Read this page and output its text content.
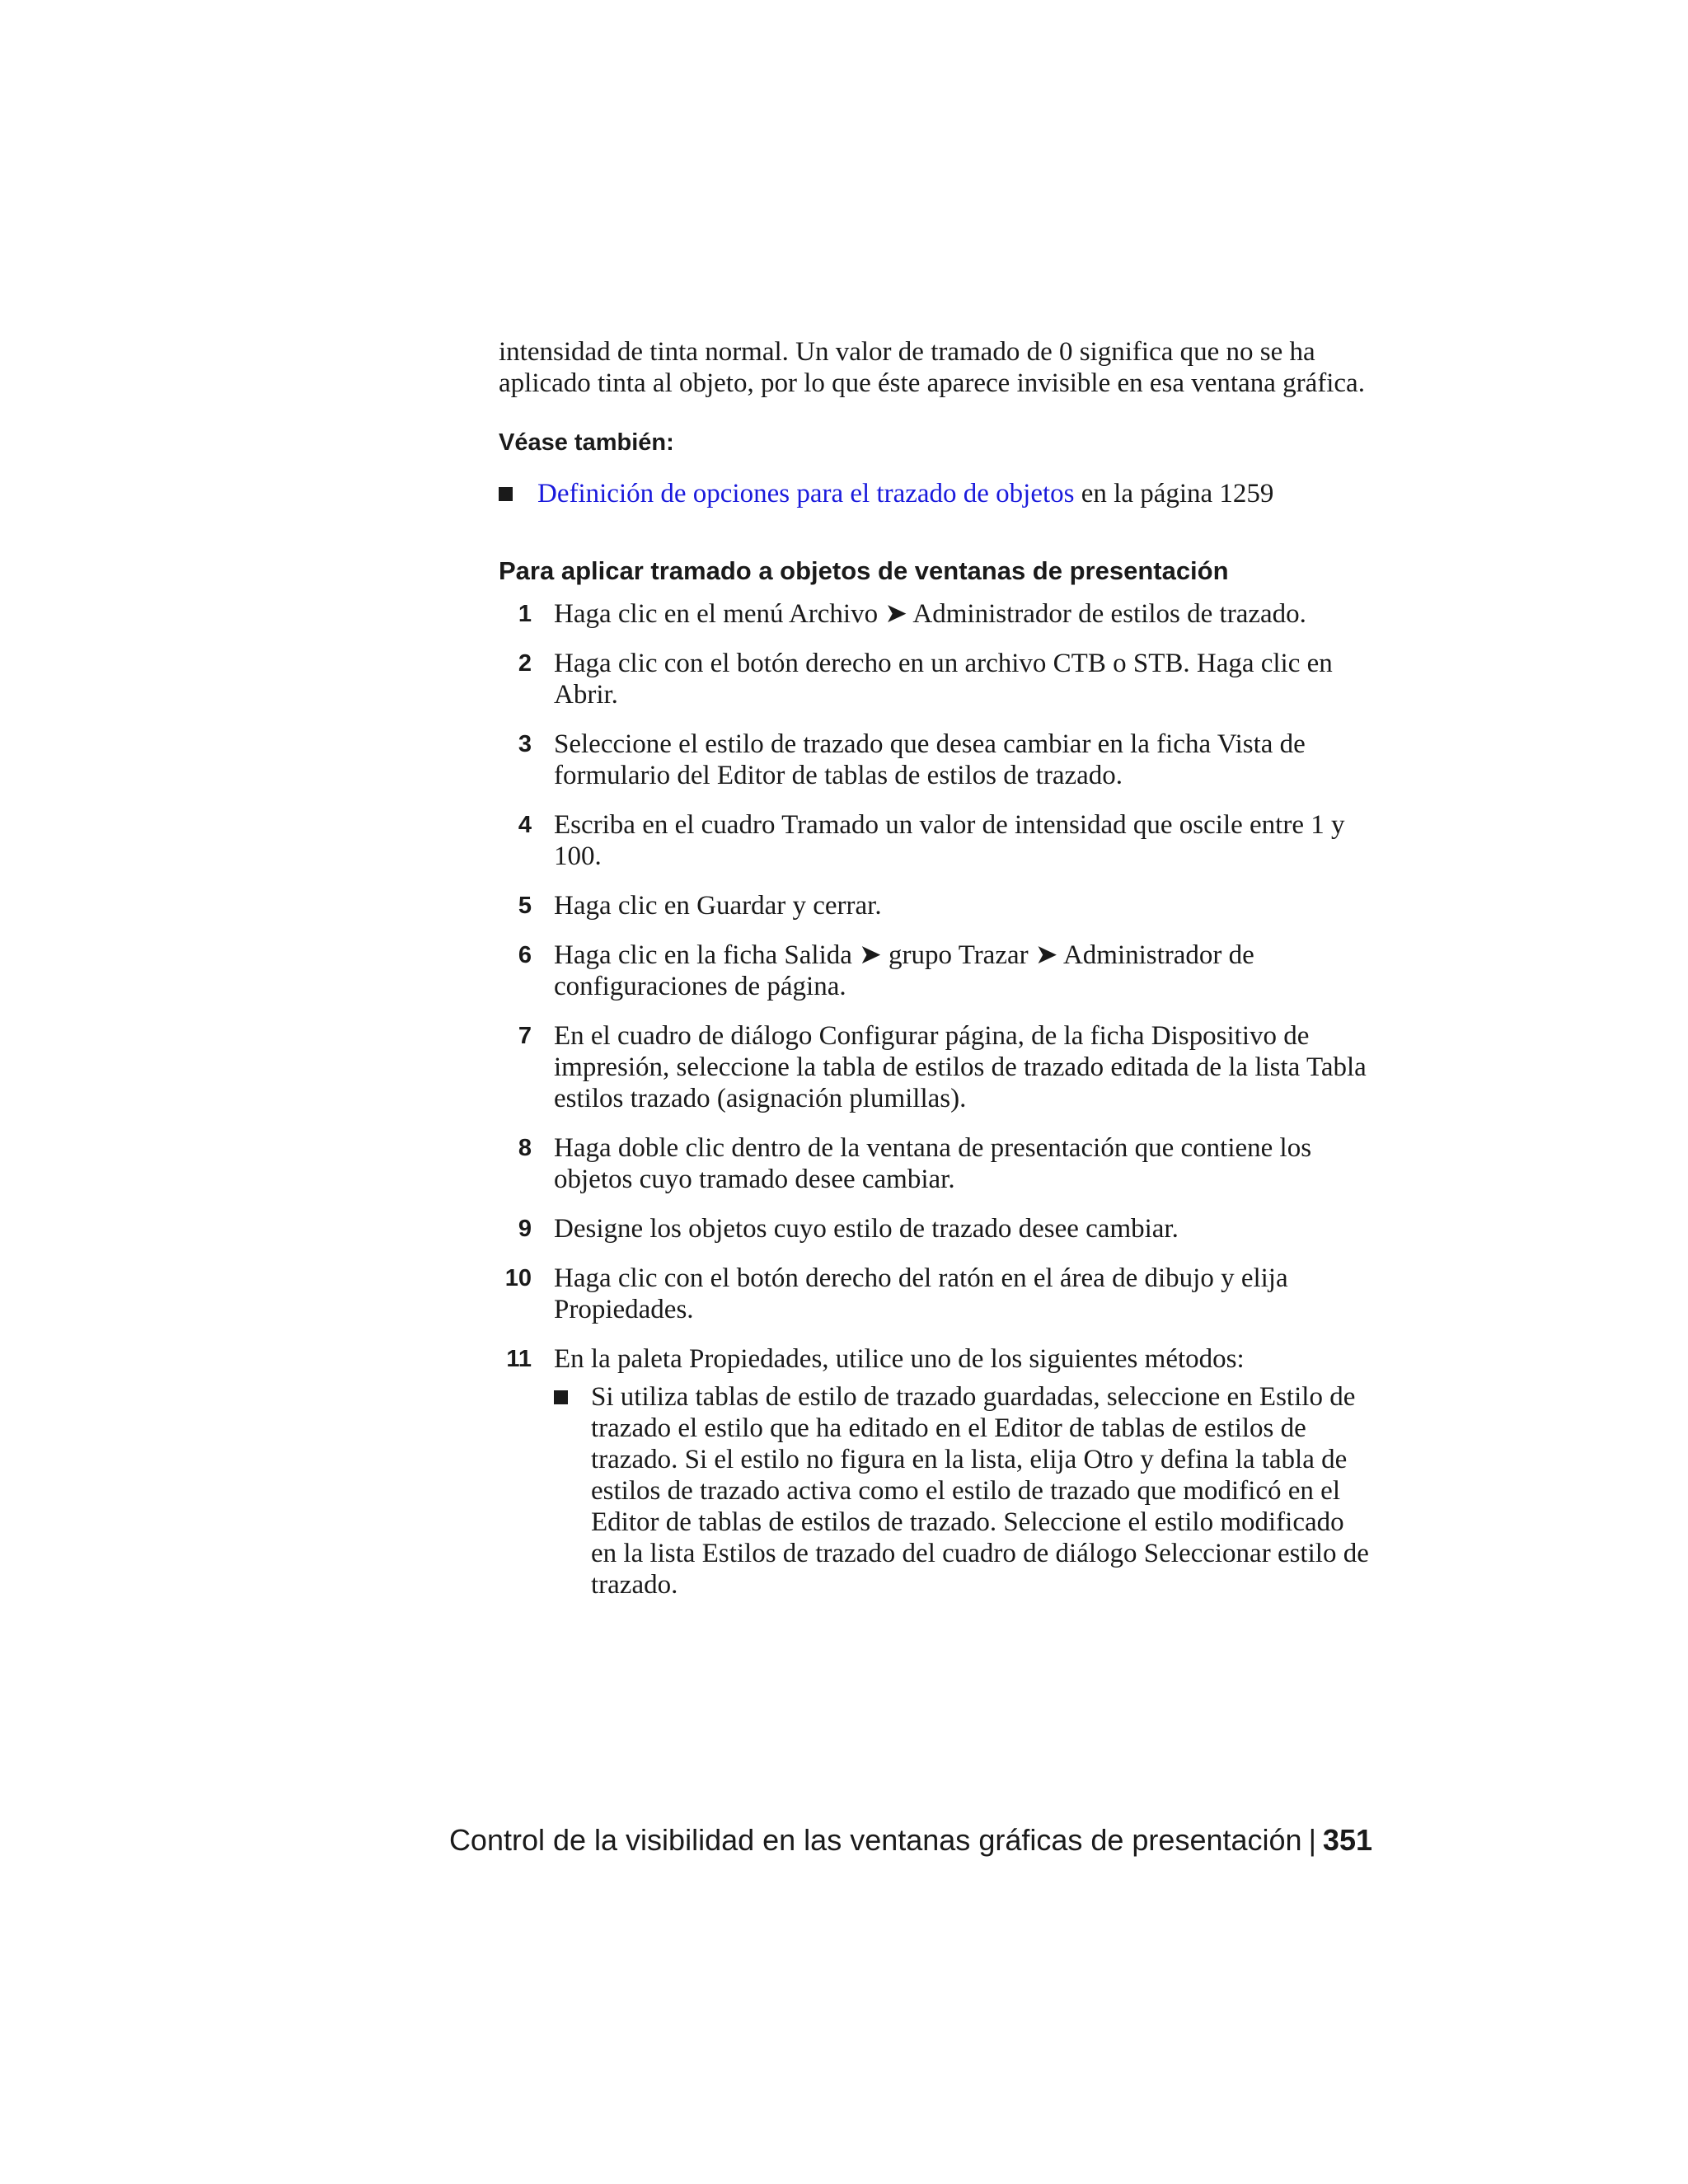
intensidad de tinta normal. Un valor de tramado de 0 significa que no se ha
aplicado tinta al objeto, por lo que éste aparece invisible en esa ventana gráfica.

Véase también:

Definición de opciones para el trazado de objetos en la página 1259

Para aplicar tramado a objetos de ventanas de presentación

1 Haga clic en el menú Archivo ➤ Administrador de estilos de trazado.
2 Haga clic con el botón derecho en un archivo CTB o STB. Haga clic en Abrir.
3 Seleccione el estilo de trazado que desea cambiar en la ficha Vista de formulario del Editor de tablas de estilos de trazado.
4 Escriba en el cuadro Tramado un valor de intensidad que oscile entre 1 y 100.
5 Haga clic en Guardar y cerrar.
6 Haga clic en la ficha Salida ➤ grupo Trazar ➤ Administrador de configuraciones de página.
7 En el cuadro de diálogo Configurar página, de la ficha Dispositivo de impresión, seleccione la tabla de estilos de trazado editada de la lista Tabla estilos trazado (asignación plumillas).
8 Haga doble clic dentro de la ventana de presentación que contiene los objetos cuyo tramado desee cambiar.
9 Designe los objetos cuyo estilo de trazado desee cambiar.
10 Haga clic con el botón derecho del ratón en el área de dibujo y elija Propiedades.
11 En la paleta Propiedades, utilice uno de los siguientes métodos:
Si utiliza tablas de estilo de trazado guardadas, seleccione en Estilo de trazado el estilo que ha editado en el Editor de tablas de estilos de trazado. Si el estilo no figura en la lista, elija Otro y defina la tabla de estilos de trazado activa como el estilo de trazado que modificó en el Editor de tablas de estilos de trazado. Seleccione el estilo modificado en la lista Estilos de trazado del cuadro de diálogo Seleccionar estilo de trazado.
Control de la visibilidad en las ventanas gráficas de presentación | 351
